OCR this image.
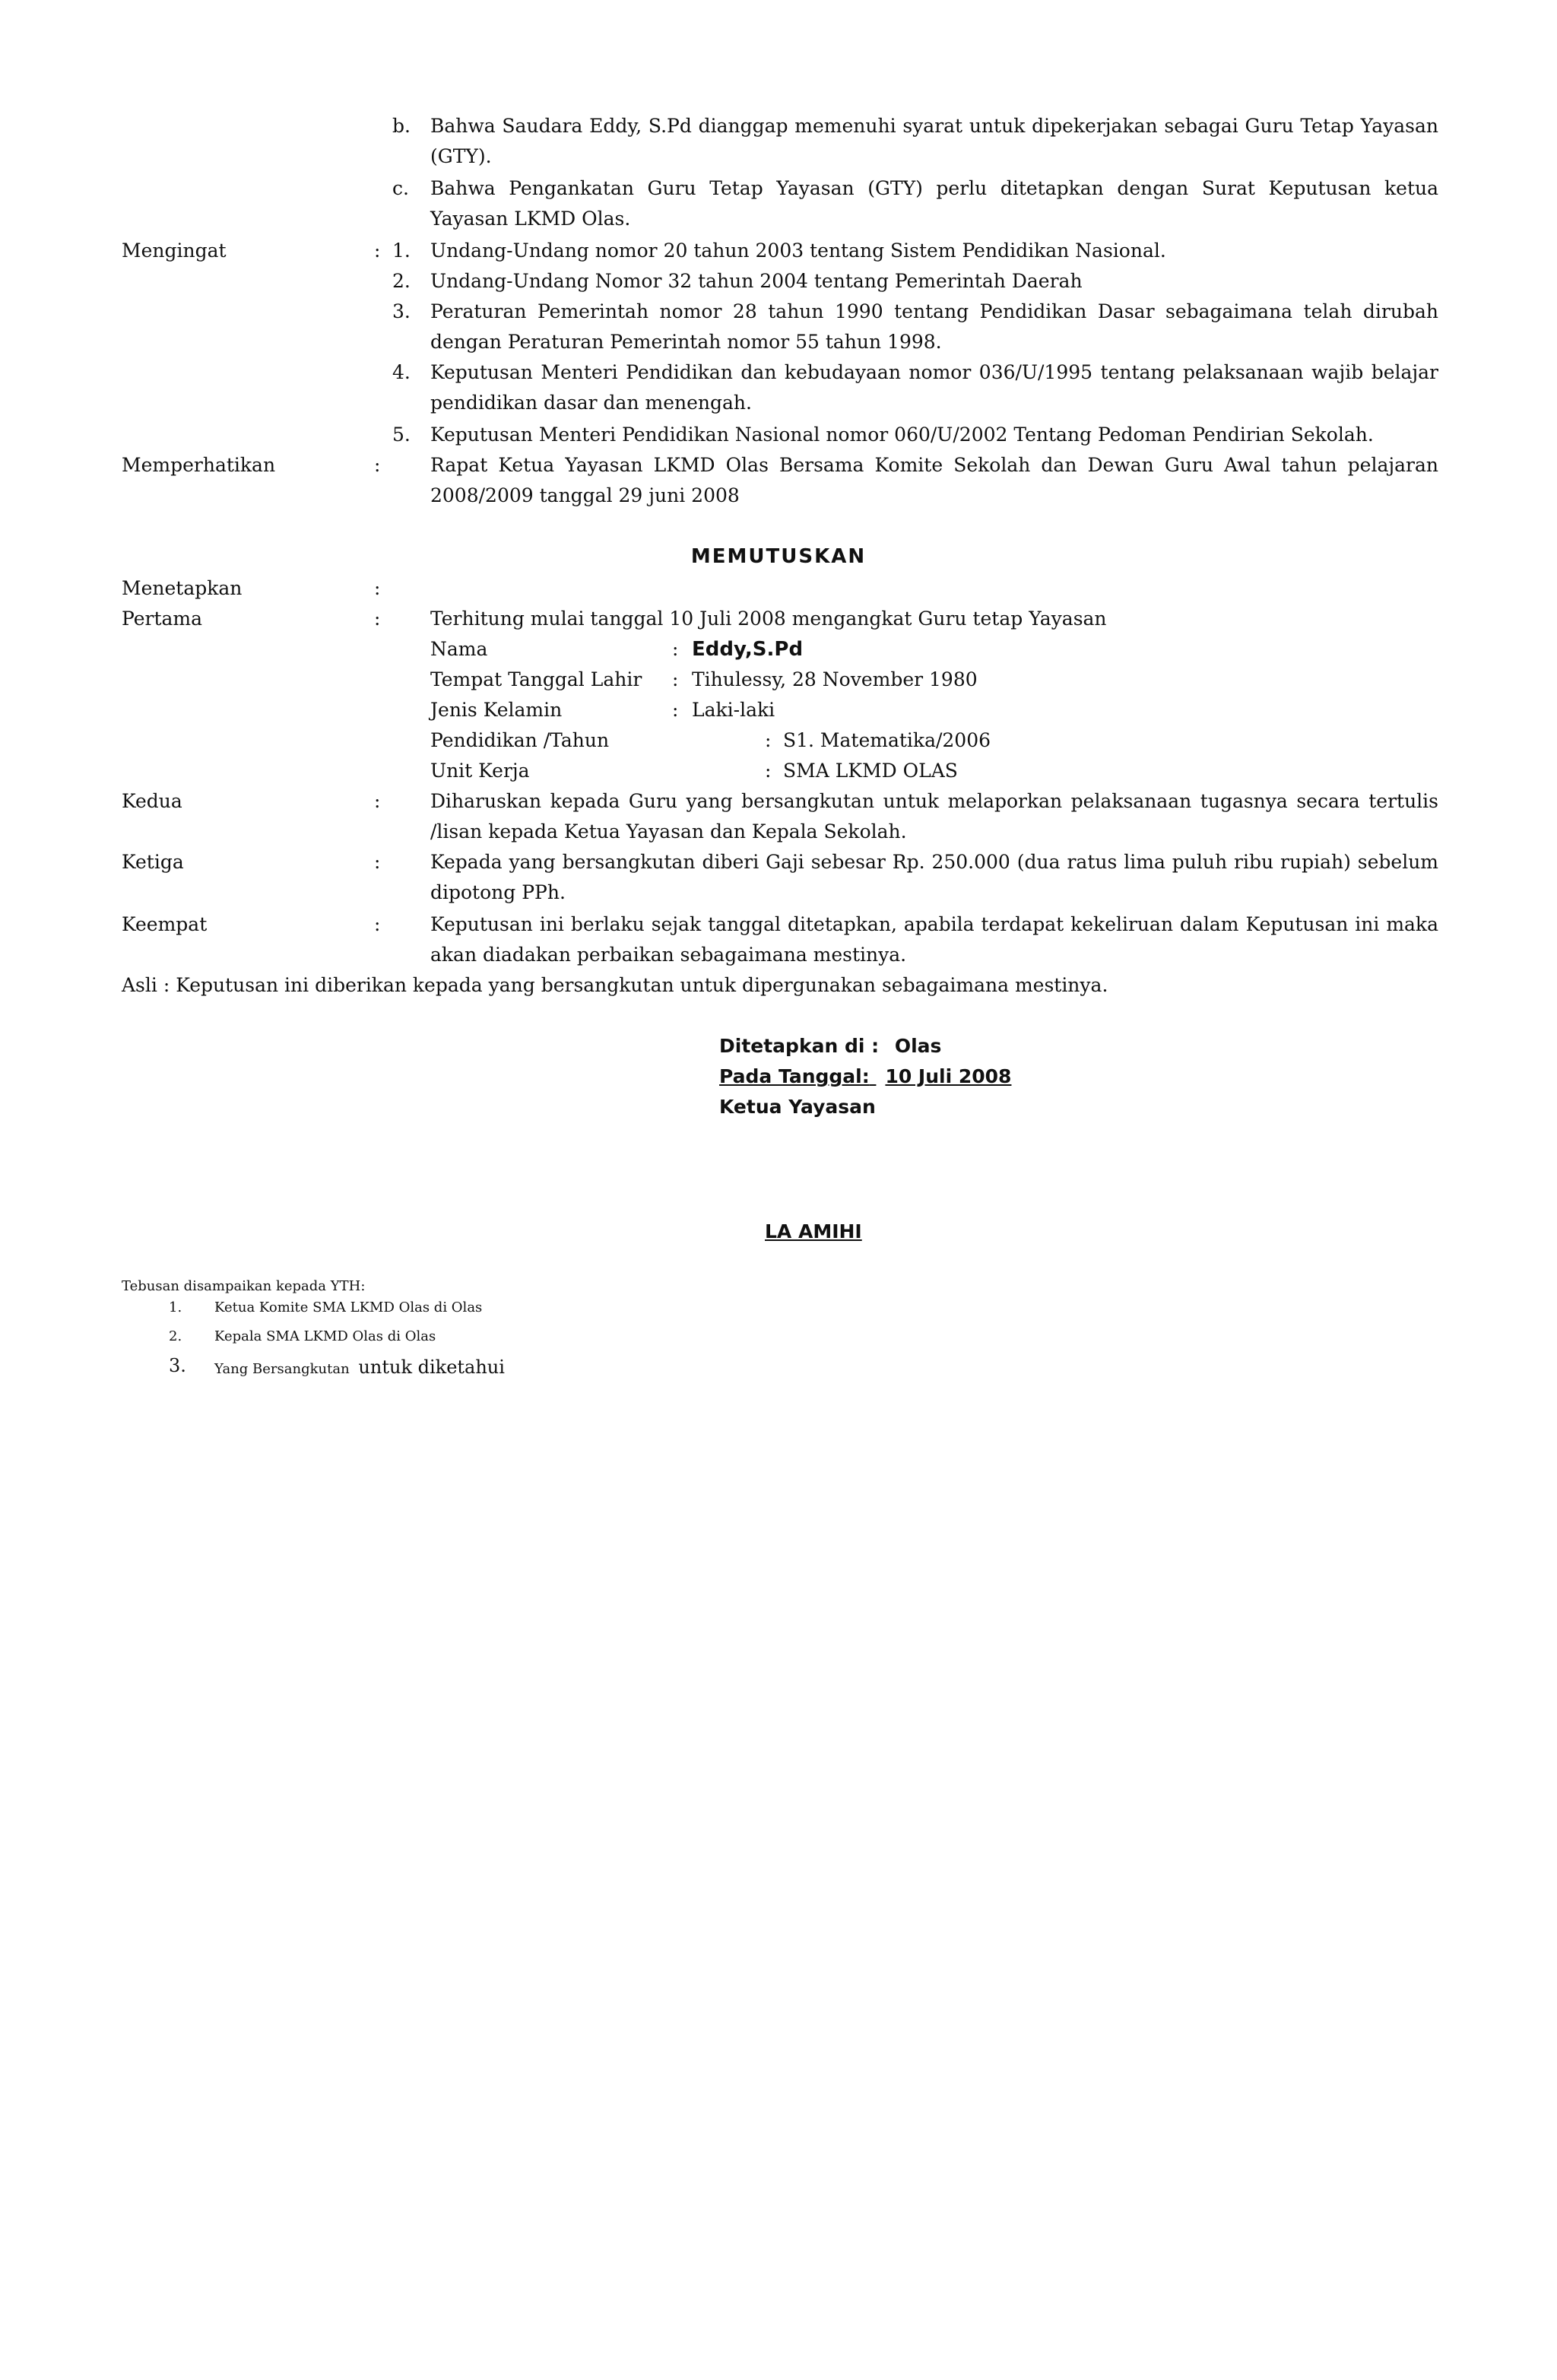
b. Bahwa Saudara Eddy, S.Pd dianggap memenuhi syarat untuk dipekerjakan sebagai Guru Tetap Yayasan (GTY).
c. Bahwa Pengankatan Guru Tetap Yayasan (GTY) perlu ditetapkan dengan Surat Keputusan ketua Yayasan LKMD Olas.
Mengingat	: 1. Undang-Undang nomor 20 tahun 2003 tentang Sistem Pendidikan Nasional.
2. Undang-Undang Nomor 32 tahun 2004 tentang Pemerintah Daerah
3. Peraturan Pemerintah nomor 28 tahun 1990 tentang Pendidikan Dasar sebagaimana telah dirubah dengan Peraturan Pemerintah nomor 55 tahun 1998.
4. Keputusan Menteri Pendidikan dan kebudayaan nomor 036/U/1995 tentang pelaksanaan wajib belajar pendidikan dasar dan menengah.
5. Keputusan Menteri Pendidikan Nasional nomor 060/U/2002 Tentang Pedoman Pendirian Sekolah.
Memperhatikan	:	Rapat Ketua Yayasan LKMD Olas Bersama Komite Sekolah dan Dewan Guru Awal tahun pelajaran 2008/2009 tanggal 29 juni 2008
MEMUTUSKAN
Menetapkan	:
Pertama	:	Terhitung mulai tanggal 10 Juli 2008 mengangkat Guru tetap Yayasan
Nama	: Eddy,S.Pd
Tempat Tanggal Lahir : Tihulessy, 28 November 1980
Jenis Kelamin	: Laki-laki
Pendidikan /Tahun	: S1. Matematika/2006
Unit Kerja	: SMA LKMD OLAS
Kedua	:	Diharuskan kepada Guru yang bersangkutan untuk melaporkan pelaksanaan tugasnya secara tertulis /lisan kepada Ketua Yayasan dan Kepala Sekolah.
Ketiga	:	Kepada yang bersangkutan diberi Gaji sebesar Rp. 250.000 (dua ratus lima puluh ribu rupiah) sebelum dipotong PPh.
Keempat	:	Keputusan ini berlaku sejak tanggal ditetapkan, apabila terdapat kekeliruan dalam Keputusan ini maka akan diadakan perbaikan sebagaimana mestinya.
Asli : Keputusan ini diberikan kepada yang bersangkutan untuk dipergunakan sebagaimana mestinya.
Ditetapkan di : Olas
Pada Tanggal: 10 Juli 2008
Ketua Yayasan
LA AMIHI
Tebusan disampaikan kepada YTH:
1. Ketua Komite SMA LKMD Olas di Olas
2. Kepala SMA LKMD Olas di Olas
3. Yang Bersangkutan untuk diketahui
